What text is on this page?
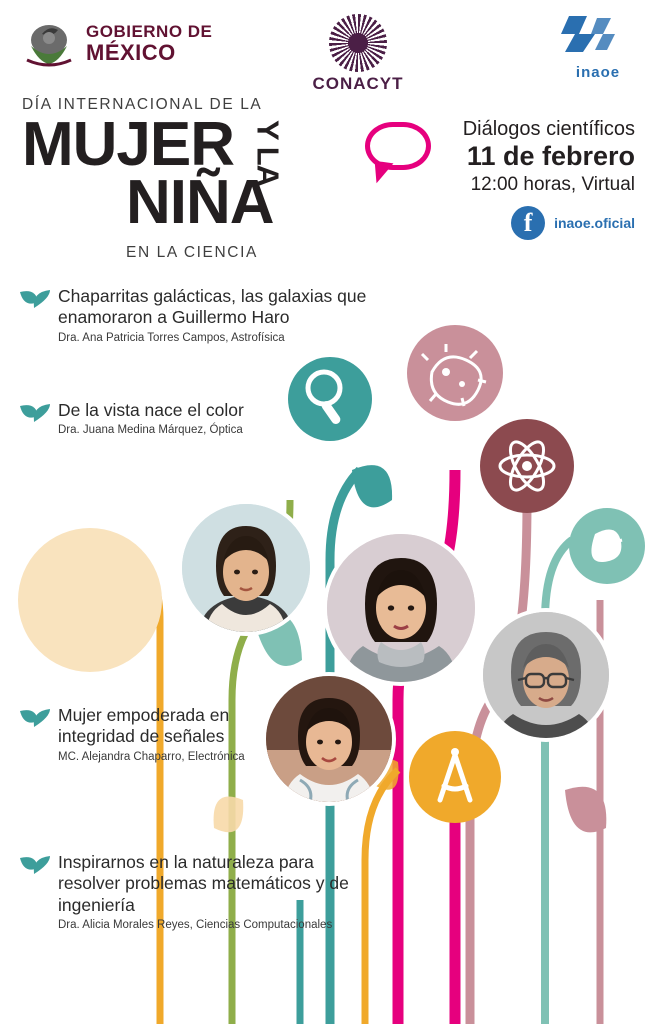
GOBIERNO DE
MÉXICO
CONACYT
inaoe
DÍA INTERNACIONAL DE LA
MUJER Y LA
NIÑA
EN LA CIENCIA
Diálogos científicos
11 de febrero
12:00 horas, Virtual
f	inaoe.oficial
Chaparritas galácticas, las galaxias que enamoraron a Guillermo Haro
Dra. Ana Patricia Torres Campos, Astrofísica
De la vista nace el color
Dra. Juana Medina Márquez, Óptica
Mujer empoderada en integridad de señales
MC. Alejandra Chaparro, Electrónica
Inspirarnos en la naturaleza para resolver problemas matemáticos y de ingeniería
Dra. Alicia Morales Reyes, Ciencias Computacionales
